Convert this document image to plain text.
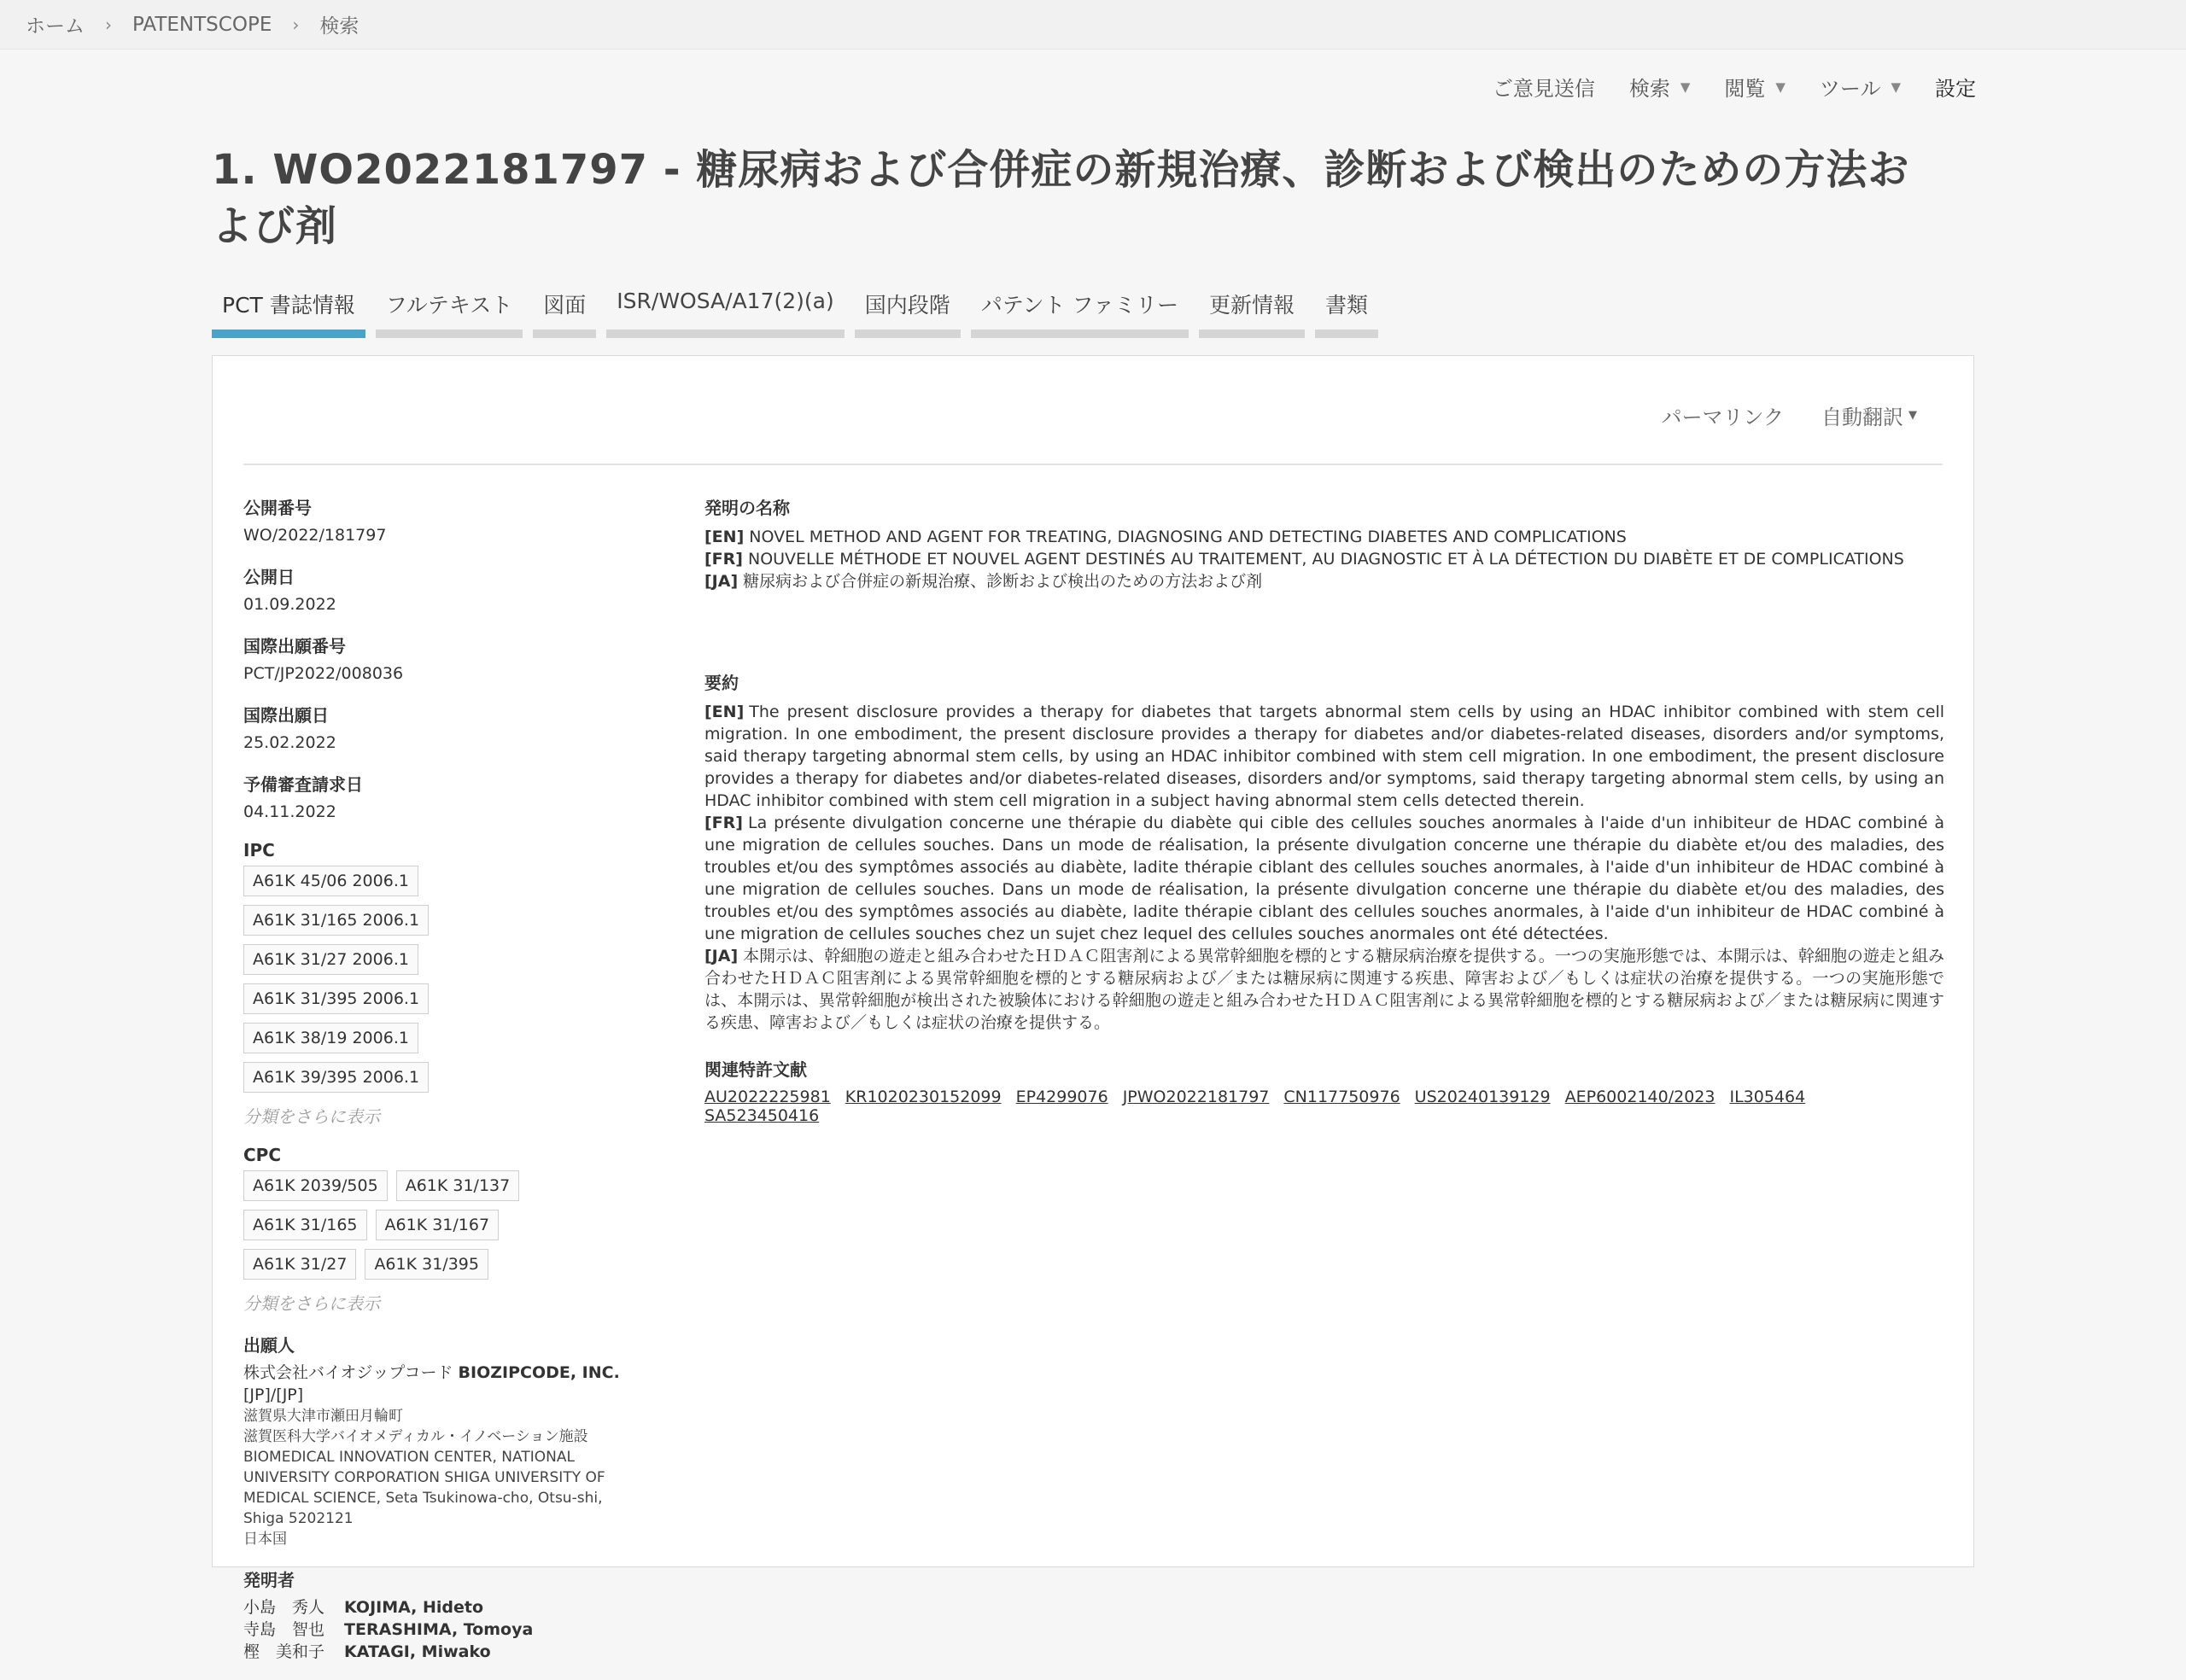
ホーム › PATENTSCOPE › 検索
ご意見送信 検索 ▼ 閲覧 ▼ ツール ▼ 設定
1. WO2022181797 - 糖尿病および合併症の新規治療、診断および検出のための方法および剤
PCT 書誌情報	フルテキスト	図面	ISR/WOSA/A17(2)(a)	国内段階	パテント ファミリー	更新情報	書類
パーマリンク 自動翻訳 ▼
公開番号
WO/2022/181797
公開日
01.09.2022
国際出願番号
PCT/JP2022/008036
国際出願日
25.02.2022
予備審査請求日
04.11.2022
IPC
A61K 45/06 2006.1
A61K 31/165 2006.1
A61K 31/27 2006.1
A61K 31/395 2006.1
A61K 38/19 2006.1
A61K 39/395 2006.1
分類をさらに表示
CPC
A61K 2039/505	A61K 31/137
A61K 31/165	A61K 31/167
A61K 31/27	A61K 31/395
分類をさらに表示
出願人
株式会社バイオジップコード BIOZIPCODE, INC.
[JP]/[JP]
滋賀県大津市瀬田月輪町
滋賀医科大学バイオメディカル・イノベーション施設
BIOMEDICAL INNOVATION CENTER, NATIONAL UNIVERSITY CORPORATION SHIGA UNIVERSITY OF MEDICAL SCIENCE, Seta Tsukinowa-cho, Otsu-shi, Shiga 5202121
日本国
発明者
小島　秀人 KOJIMA, Hideto
寺島　智也 TERASHIMA, Tomoya
樫　美和子 KATAGI, Miwako
発明の名称
[EN] NOVEL METHOD AND AGENT FOR TREATING, DIAGNOSING AND DETECTING DIABETES AND COMPLICATIONS
[FR] NOUVELLE MÉTHODE ET NOUVEL AGENT DESTINÉS AU TRAITEMENT, AU DIAGNOSTIC ET À LA DÉTECTION DU DIABÈTE ET DE COMPLICATIONS
[JA] 糖尿病および合併症の新規治療、診断および検出のための方法および剤
要約

[EN] The present disclosure provides a therapy for diabetes that targets abnormal stem cells by using an HDAC inhibitor combined with stem cell migration. In one embodiment, the present disclosure provides a therapy for diabetes and/or diabetes-related diseases, disorders and/or symptoms, said therapy targeting abnormal stem cells, by using an HDAC inhibitor combined with stem cell migration. In one embodiment, the present disclosure provides a therapy for diabetes and/or diabetes-related diseases, disorders and/or symptoms, said therapy targeting abnormal stem cells, by using an HDAC inhibitor combined with stem cell migration in a subject having abnormal stem cells detected therein.

[FR] La présente divulgation concerne une thérapie du diabète qui cible des cellules souches anormales à l'aide d'un inhibiteur de HDAC combiné à une migration de cellules souches. Dans un mode de réalisation, la présente divulgation concerne une thérapie du diabète et/ou des maladies, des troubles et/ou des symptômes associés au diabète, ladite thérapie ciblant des cellules souches anormales, à l'aide d'un inhibiteur de HDAC combiné à une migration de cellules souches. Dans un mode de réalisation, la présente divulgation concerne une thérapie du diabète et/ou des maladies, des troubles et/ou des symptômes associés au diabète, ladite thérapie ciblant des cellules souches anormales, à l'aide d'un inhibiteur de HDAC combiné à une migration de cellules souches chez un sujet chez lequel des cellules souches anormales ont été détectées.

[JA] 本開示は、幹細胞の遊走と組み合わせたＨＤＡＣ阻害剤による異常幹細胞を標的とする糖尿病治療を提供する。一つの実施形態では、本開示は、幹細胞の遊走と組み合わせたＨＤＡＣ阻害剤による異常幹細胞を標的とする糖尿病および／または糖尿病に関連する疾患、障害および／もしくは症状の治療を提供する。一つの実施形態では、本開示は、異常幹細胞が検出された被験体における幹細胞の遊走と組み合わせたＨＤＡＣ阻害剤による異常幹細胞を標的とする糖尿病および／または糖尿病に関連する疾患、障害および／もしくは症状の治療を提供する。

関連特許文献
AU2022225981 KR1020230152099 EP4299076 JPWO2022181797 CN117750976 US20240139129 AEP6002140/2023 IL305464
SA523450416
